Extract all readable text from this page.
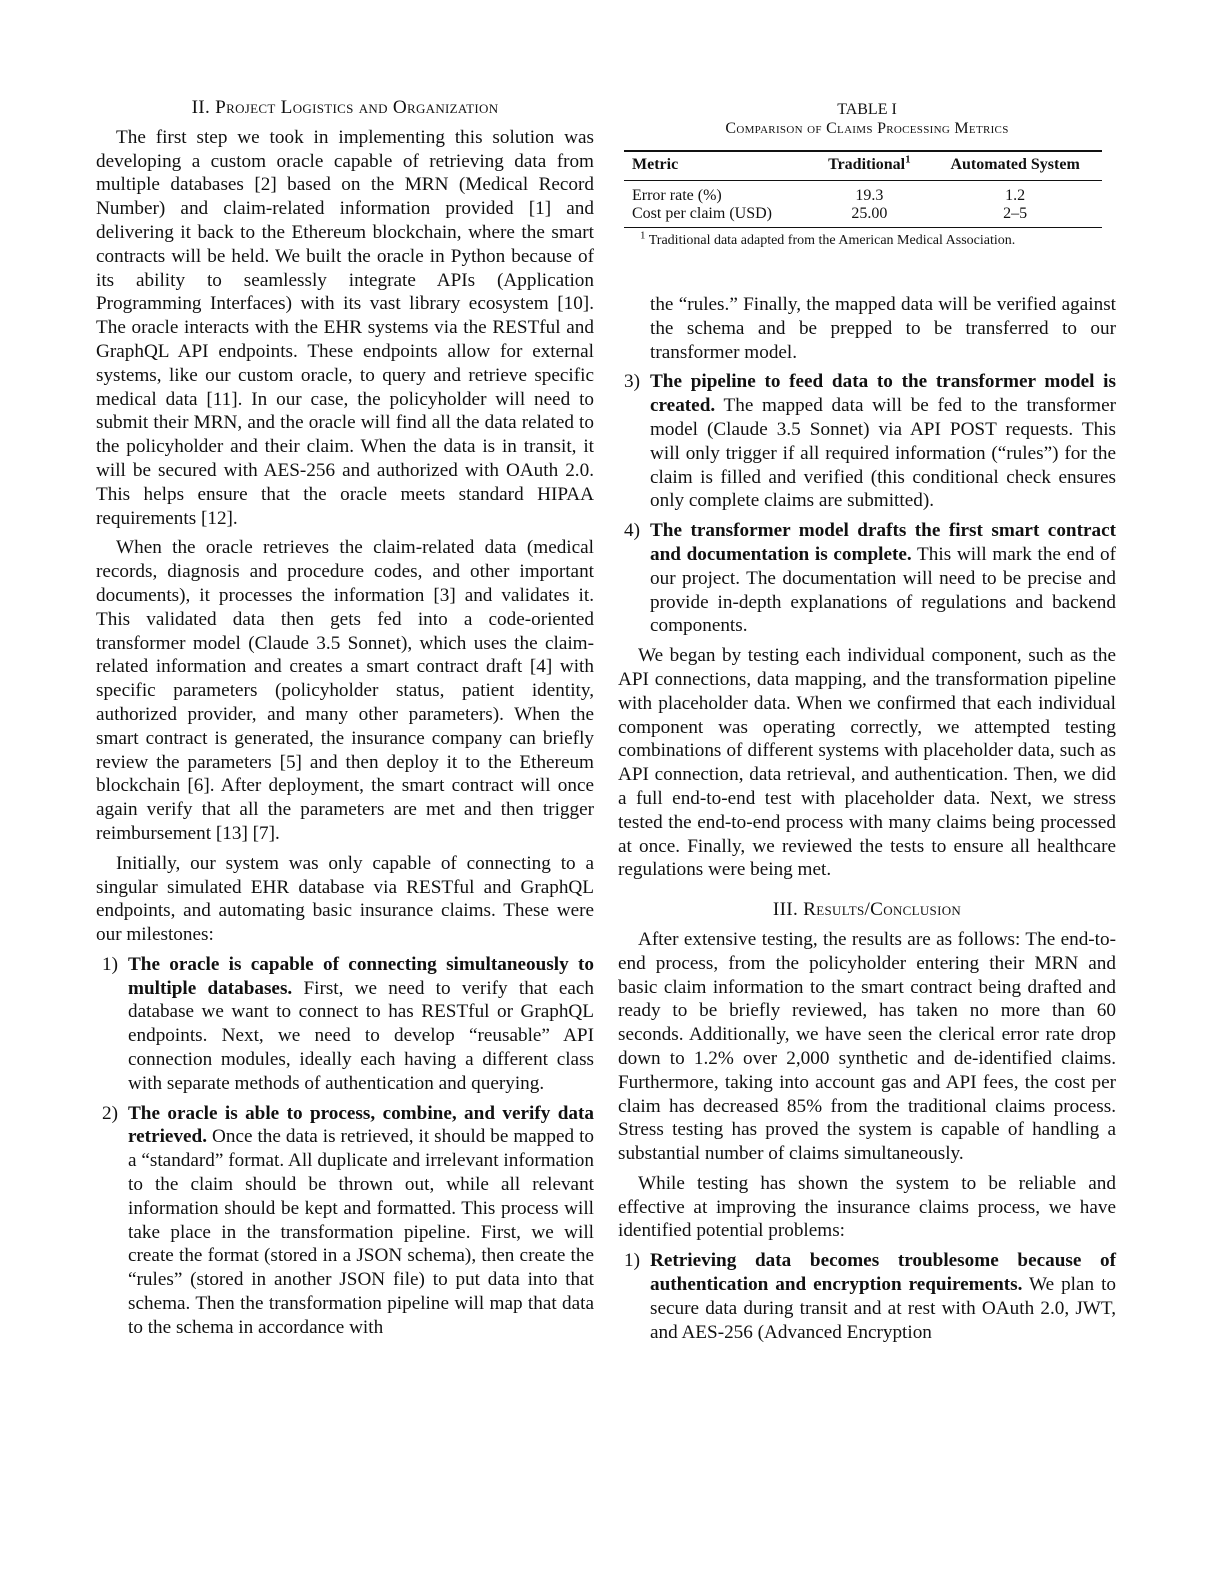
II. Project Logistics and Organization

The first step we took in implementing this solution was developing a custom oracle capable of retrieving data from multiple databases [2] based on the MRN (Medical Record Number) and claim-related information provided [1] and delivering it back to the Ethereum blockchain, where the smart contracts will be held. We built the oracle in Python because of its ability to seamlessly integrate APIs (Application Programming Interfaces) with its vast library ecosystem [10]. The oracle interacts with the EHR systems via the RESTful and GraphQL API endpoints. These endpoints allow for external systems, like our custom oracle, to query and retrieve specific medical data [11]. In our case, the policyholder will need to submit their MRN, and the oracle will find all the data related to the policyholder and their claim. When the data is in transit, it will be secured with AES-256 and authorized with OAuth 2.0. This helps ensure that the oracle meets standard HIPAA requirements [12].

When the oracle retrieves the claim-related data (medical records, diagnosis and procedure codes, and other important documents), it processes the information [3] and validates it. This validated data then gets fed into a code-oriented transformer model (Claude 3.5 Sonnet), which uses the claim-related information and creates a smart contract draft [4] with specific parameters (policyholder status, patient identity, authorized provider, and many other parameters). When the smart contract is generated, the insurance company can briefly review the parameters [5] and then deploy it to the Ethereum blockchain [6]. After deployment, the smart contract will once again verify that all the parameters are met and then trigger reimbursement [13] [7].

Initially, our system was only capable of connecting to a singular simulated EHR database via RESTful and GraphQL endpoints, and automating basic insurance claims. These were our milestones:

1) The oracle is capable of connecting simultaneously to multiple databases. First, we need to verify that each database we want to connect to has RESTful or GraphQL endpoints. Next, we need to develop “reusable” API connection modules, ideally each having a different class with separate methods of authentication and querying.
2) The oracle is able to process, combine, and verify data retrieved. Once the data is retrieved, it should be mapped to a “standard” format. All duplicate and irrelevant information to the claim should be thrown out, while all relevant information should be kept and formatted. This process will take place in the transformation pipeline. First, we will create the format (stored in a JSON schema), then create the “rules” (stored in another JSON file) to put data into that schema. Then the transformation pipeline will map that data to the schema in accordance with
TABLE I
Comparison of Claims Processing Metrics
Metric	Traditional$^1$	Automated System
Error rate (%)	19.3	1.2
Cost per claim (USD)	25.00	2–5
$^1$ Traditional data adapted from the American Medical Association.

the “rules.” Finally, the mapped data will be verified against the schema and be prepped to be transferred to our transformer model.

3) The pipeline to feed data to the transformer model is created. The mapped data will be fed to the transformer model (Claude 3.5 Sonnet) via API POST requests. This will only trigger if all required information (“rules”) for the claim is filled and verified (this conditional check ensures only complete claims are submitted).
4) The transformer model drafts the first smart contract and documentation is complete. This will mark the end of our project. The documentation will need to be precise and provide in-depth explanations of regulations and backend components.

We began by testing each individual component, such as the API connections, data mapping, and the transformation pipeline with placeholder data. When we confirmed that each individual component was operating correctly, we attempted testing combinations of different systems with placeholder data, such as API connection, data retrieval, and authentication. Then, we did a full end-to-end test with placeholder data. Next, we stress tested the end-to-end process with many claims being processed at once. Finally, we reviewed the tests to ensure all healthcare regulations were being met.

III. Results/Conclusion

After extensive testing, the results are as follows: The end-to-end process, from the policyholder entering their MRN and basic claim information to the smart contract being drafted and ready to be briefly reviewed, has taken no more than 60 seconds. Additionally, we have seen the clerical error rate drop down to 1.2% over 2,000 synthetic and de-identified claims. Furthermore, taking into account gas and API fees, the cost per claim has decreased 85% from the traditional claims process. Stress testing has proved the system is capable of handling a substantial number of claims simultaneously.

While testing has shown the system to be reliable and effective at improving the insurance claims process, we have identified potential problems:

1) Retrieving data becomes troublesome because of authentication and encryption requirements. We plan to secure data during transit and at rest with OAuth 2.0, JWT, and AES-256 (Advanced Encryption
